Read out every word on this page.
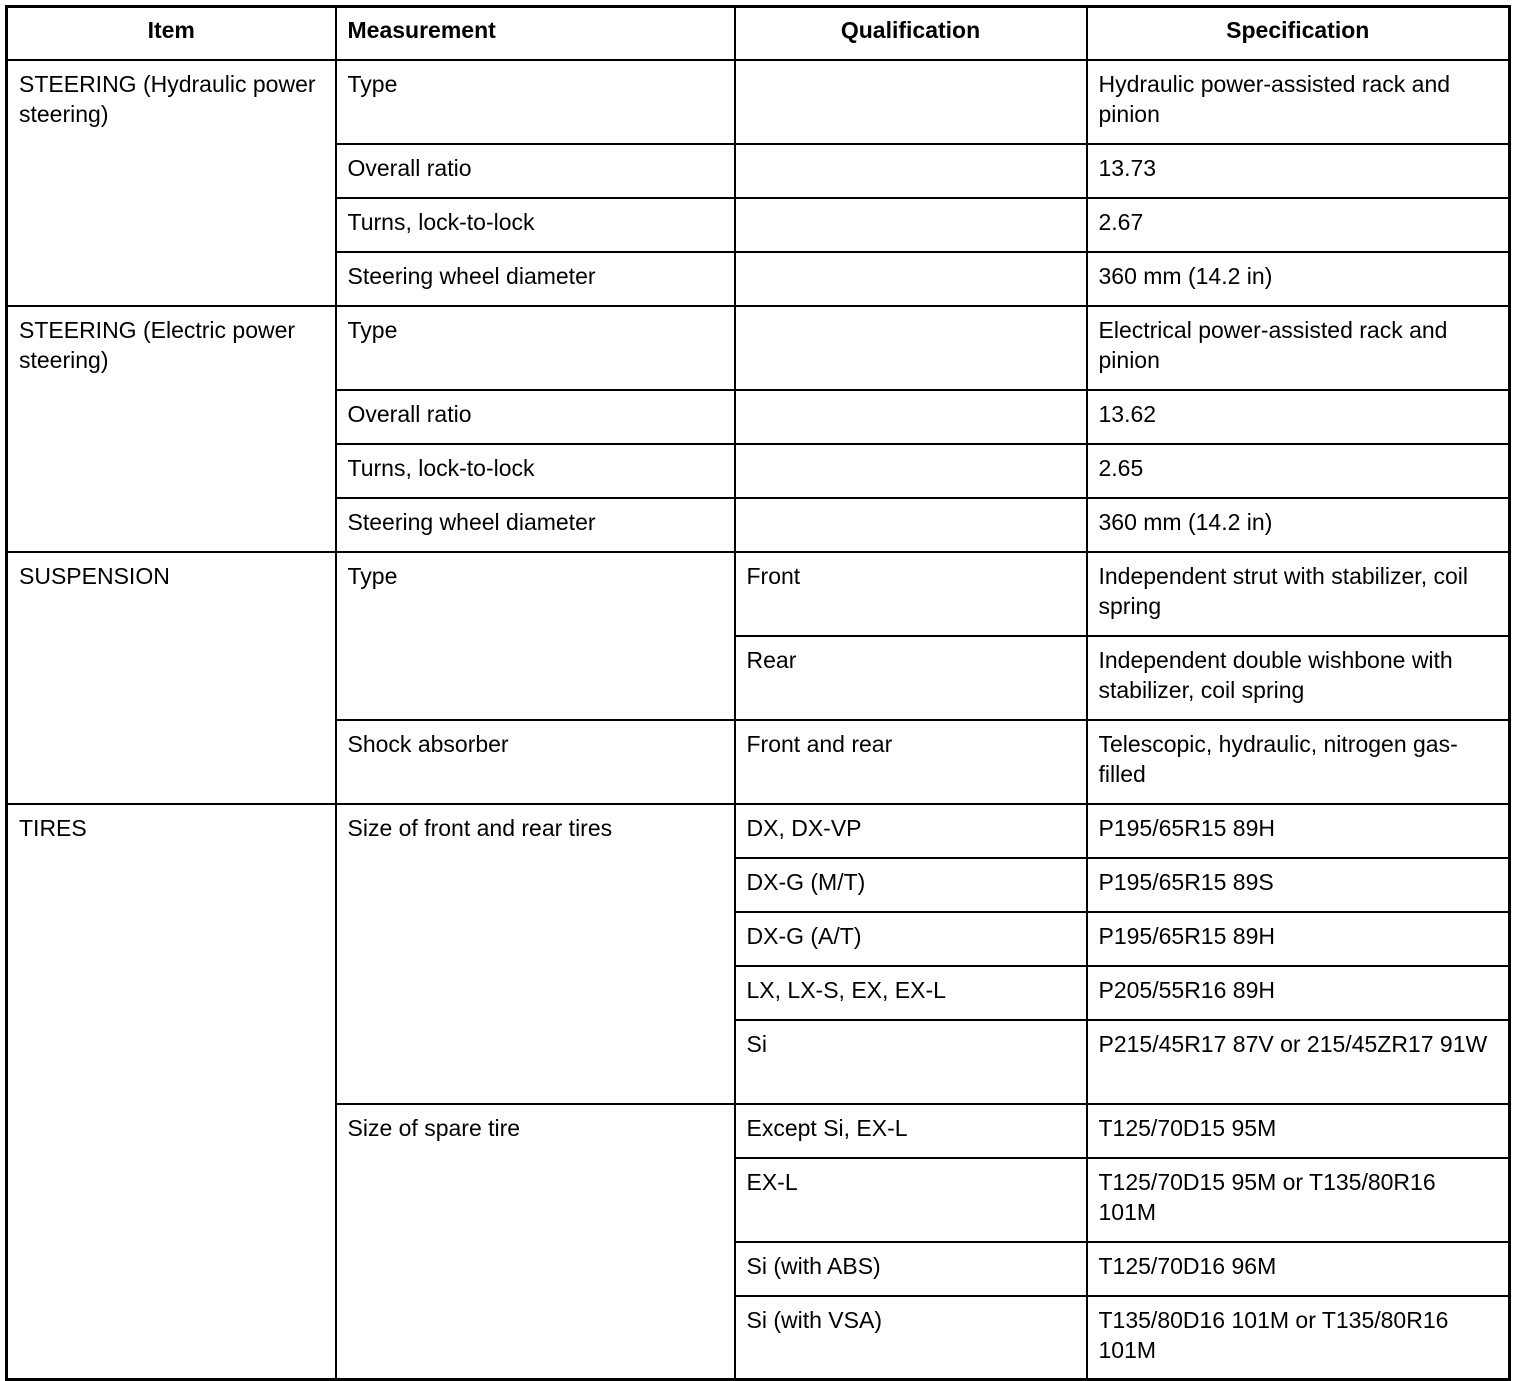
Item	Measurement	Qualification	Specification
STEERING (Hydraulic power steering)	Type		Hydraulic power-assisted rack and pinion
	Overall ratio		13.73
	Turns, lock-to-lock		2.67
	Steering wheel diameter		360 mm (14.2 in)
STEERING (Electric power steering)	Type		Electrical power-assisted rack and pinion
	Overall ratio		13.62
	Turns, lock-to-lock		2.65
	Steering wheel diameter		360 mm (14.2 in)
SUSPENSION	Type	Front	Independent strut with stabilizer, coil spring
		Rear	Independent double wishbone with stabilizer, coil spring
	Shock absorber	Front and rear	Telescopic, hydraulic, nitrogen gas-filled
TIRES	Size of front and rear tires	DX, DX-VP	P195/65R15 89H
		DX-G (M/T)	P195/65R15 89S
		DX-G (A/T)	P195/65R15 89H
		LX, LX-S, EX, EX-L	P205/55R16 89H
		Si	P215/45R17 87V or 215/45ZR17 91W
	Size of spare tire	Except Si, EX-L	T125/70D15 95M
		EX-L	T125/70D15 95M or T135/80R16 101M
		Si (with ABS)	T125/70D16 96M
		Si (with VSA)	T135/80D16 101M or T135/80R16 101M
